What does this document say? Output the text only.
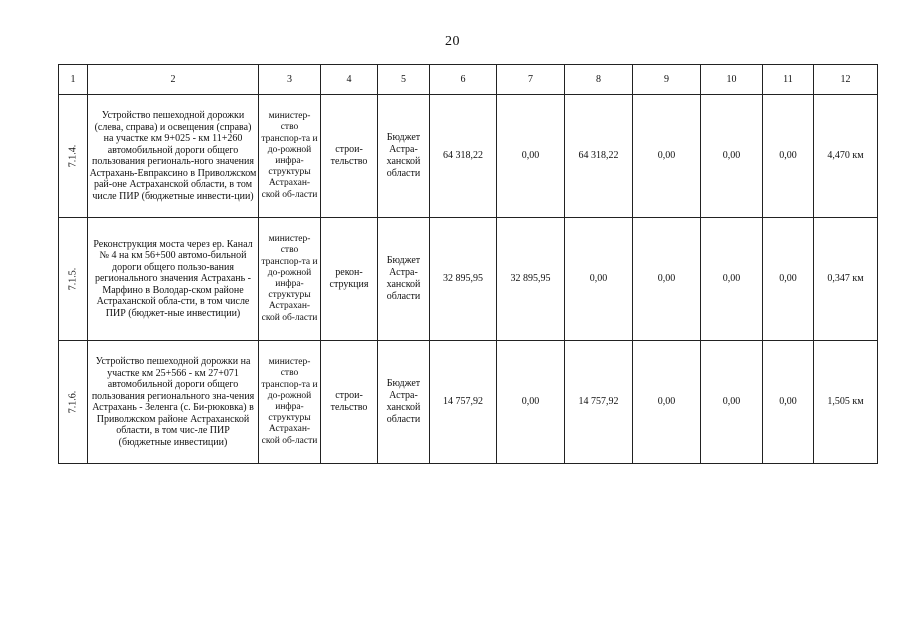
20
1	2	3	4	5	6	7	8	9	10	11	12
7.1.4.	Устройство пешеходной дорожки (слева, справа) и освещения (справа) на участке км 9+025 - км 11+260 автомобильной дороги общего пользования региональ-ного значения Астрахань-Евпраксино в Приволжском рай-оне Астраханской области, в том числе ПИР (бюджетные инвести-ции)	министер-ство транспор-та и до-рожной инфра-структуры Астрахан-ской об-ласти	строи-тельство	Бюджет Астра-ханской области	64 318,22	0,00	64 318,22	0,00	0,00	0,00	4,470 км
7.1.5.	Реконструкция моста через ер. Канал № 4 на км 56+500 автомо-бильной дороги общего пользо-вания регионального значения Астрахань - Марфино в Володар-ском районе Астраханской обла-сти, в том числе ПИР (бюджет-ные инвестиции)	министер-ство транспор-та и до-рожной инфра-структуры Астрахан-ской об-ласти	рекон-струкция	Бюджет Астра-ханской области	32 895,95	32 895,95	0,00	0,00	0,00	0,00	0,347 км
7.1.6.	Устройство пешеходной дорожки на участке км 25+566 - км 27+071 автомобильной дороги общего пользования регионального зна-чения Астрахань - Зеленга (с. Би-рюковка) в Приволжском районе Астраханской области, в том чис-ле ПИР (бюджетные инвестиции)	министер-ство транспор-та и до-рожной инфра-структуры Астрахан-ской об-ласти	строи-тельство	Бюджет Астра-ханской области	14 757,92	0,00	14 757,92	0,00	0,00	0,00	1,505 км
